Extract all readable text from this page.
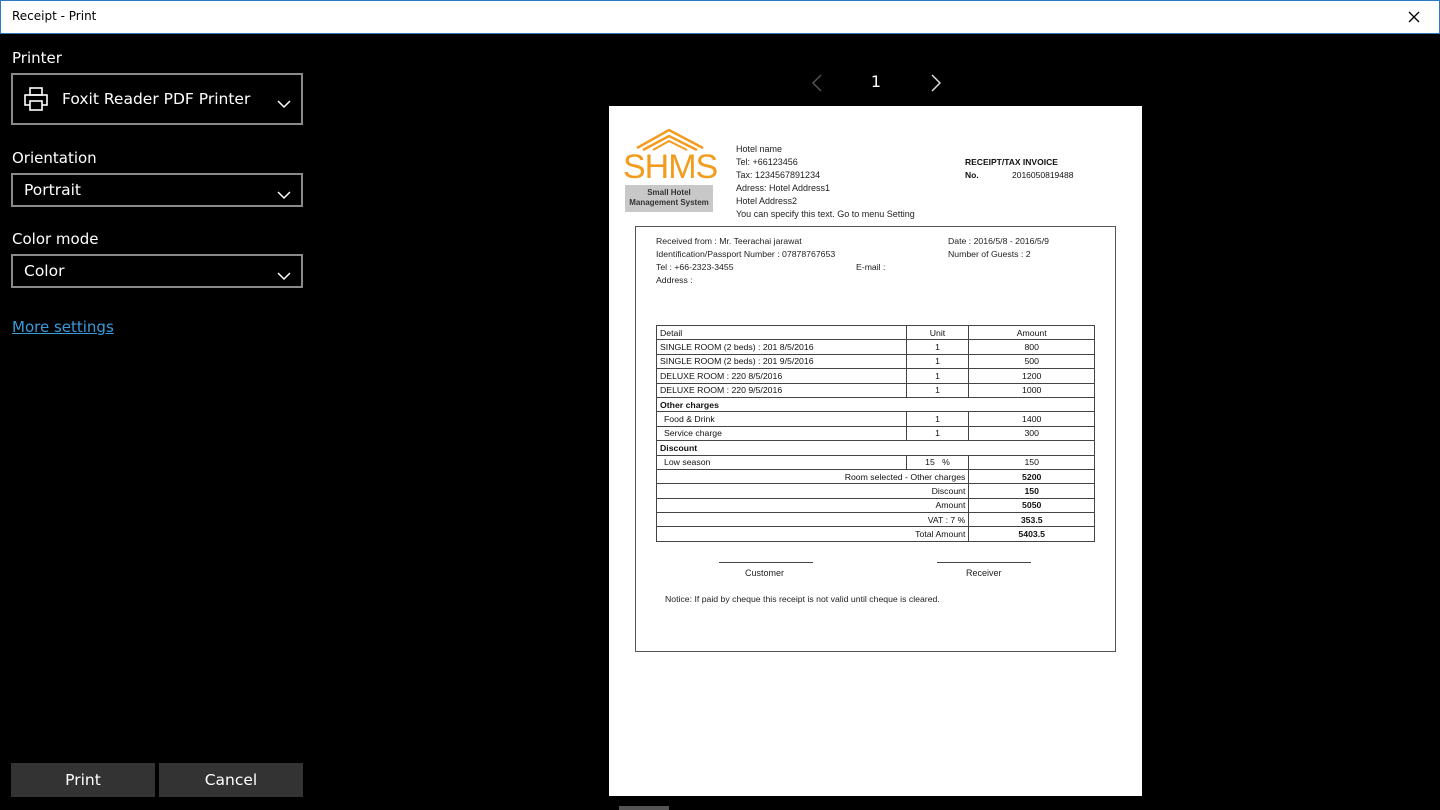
Receipt - Print
Printer
Foxit Reader PDF Printer
Orientation
Portrait
Color mode
Color
More settings
Print	Cancel
1
SHMS
Small Hotel
Management System
Hotel name
Tel: +66123456
Tax: 1234567891234
Adress: Hotel Address1
Hotel Address2
You can specify this text. Go to menu Setting
RECEIPT/TAX INVOICE
No.	2016050819488
Received from : Mr. Teerachai jarawat
Identification/Passport Number : 07878767653
Tel : +66-2323-3455
Address :
E-mail :
Date : 2016/5/8 - 2016/5/9
Number of Guests : 2
Detail	Unit	Amount
SINGLE ROOM (2 beds) : 201 8/5/2016	1	800
SINGLE ROOM (2 beds) : 201 9/5/2016	1	500
DELUXE ROOM : 220 8/5/2016	1	1200
DELUXE ROOM : 220 9/5/2016	1	1000
Other charges		
Food & Drink	1	1400
Service charge	1	300
Discount		
Low season	15 %	150
Room selected - Other charges		5200
Discount		150
Amount		5050
VAT : 7 %		353.5
Total Amount		5403.5
Customer	Receiver
Notice: If paid by cheque this receipt is not valid until cheque is cleared.
